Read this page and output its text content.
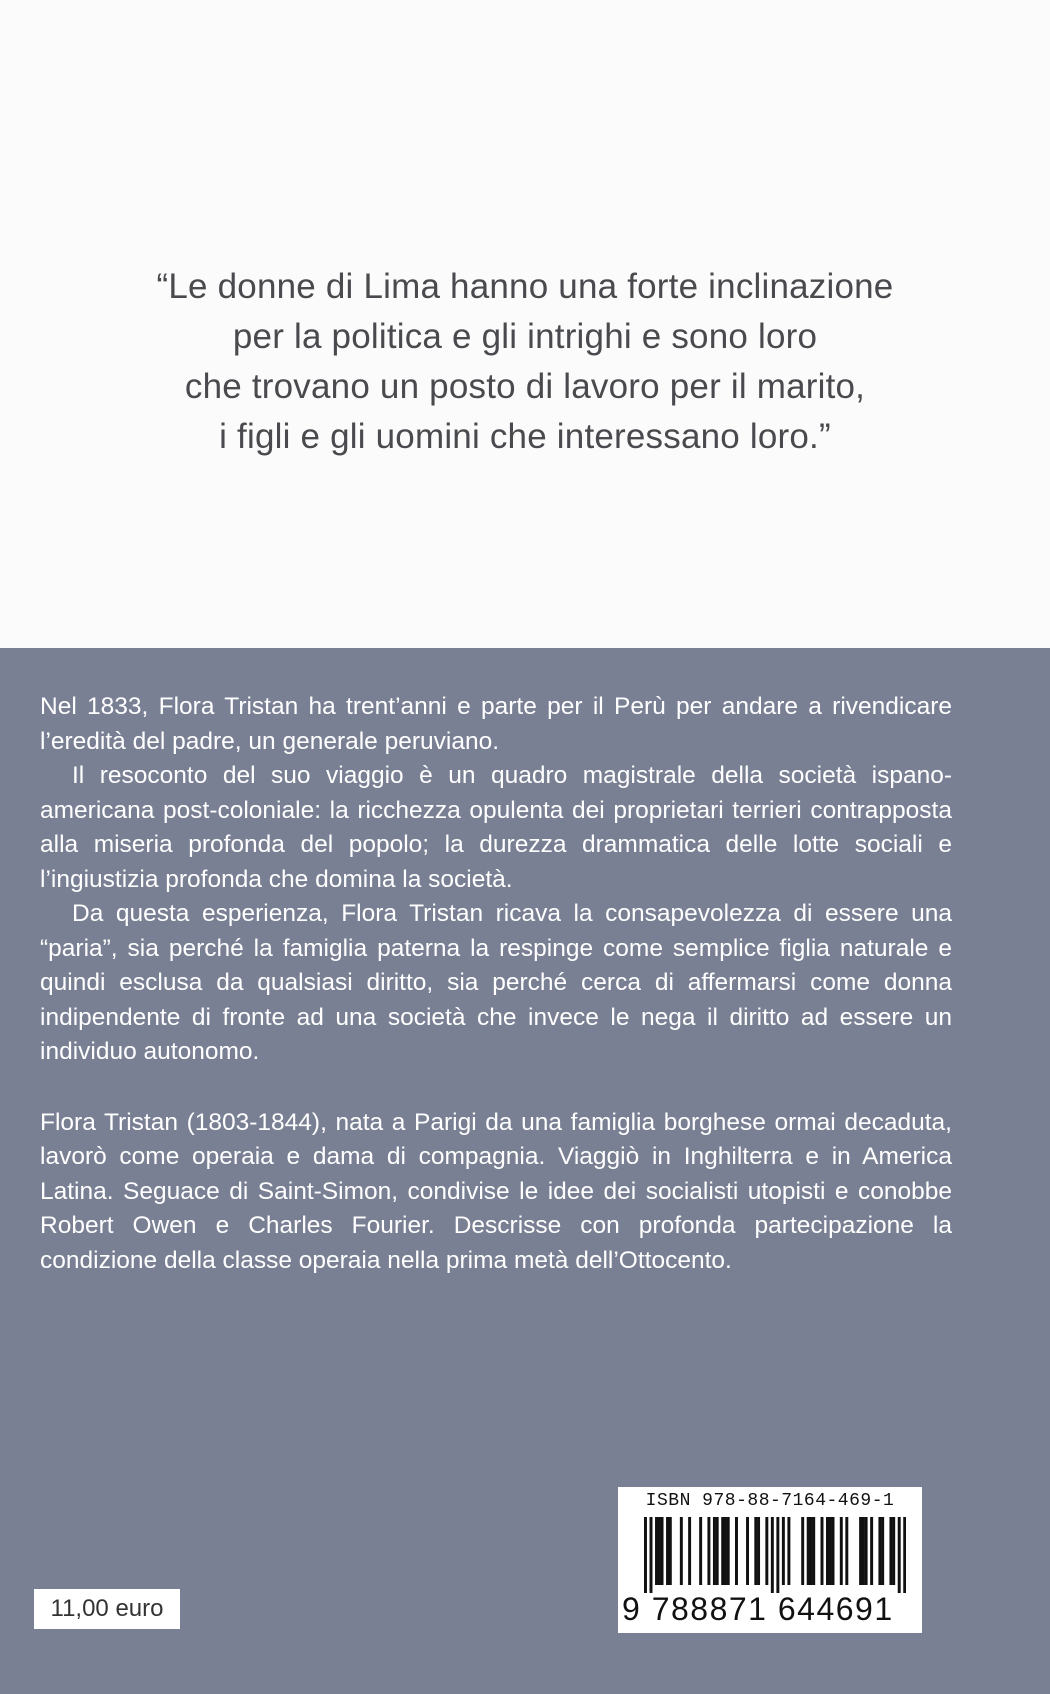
“Le donne di Lima hanno una forte inclinazione
per la politica e gli intrighi e sono loro
che trovano un posto di lavoro per il marito,
i figli e gli uomini che interessano loro.”

Nel 1833, Flora Tristan ha trent’anni e parte per il Perù per andare a rivendicare l’eredità del padre, un generale peruviano.

Il resoconto del suo viaggio è un quadro magistrale della società ispano-americana post-coloniale: la ricchezza opulenta dei proprietari terrieri contrapposta alla miseria profonda del popolo; la durezza drammatica delle lotte sociali e l’ingiustizia profonda che domina la società.

Da questa esperienza, Flora Tristan ricava la consapevolezza di essere una “paria”, sia perché la famiglia paterna la respinge come semplice figlia naturale e quindi esclusa da qualsiasi diritto, sia perché cerca di affermarsi come donna indipendente di fronte ad una società che invece le nega il diritto ad essere un individuo autonomo.

Flora Tristan (1803-1844), nata a Parigi da una famiglia borghese ormai decaduta, lavorò come operaia e dama di compagnia. Viaggiò in Inghilterra e in America Latina. Seguace di Saint-Simon, condivise le idee dei socialisti utopisti e conobbe Robert Owen e Charles Fourier. Descrisse con profonda partecipazione la condizione della classe operaia nella prima metà dell’Ottocento.

11,00 euro
ISBN 978-88-7164-469-1
9 788871 644691
